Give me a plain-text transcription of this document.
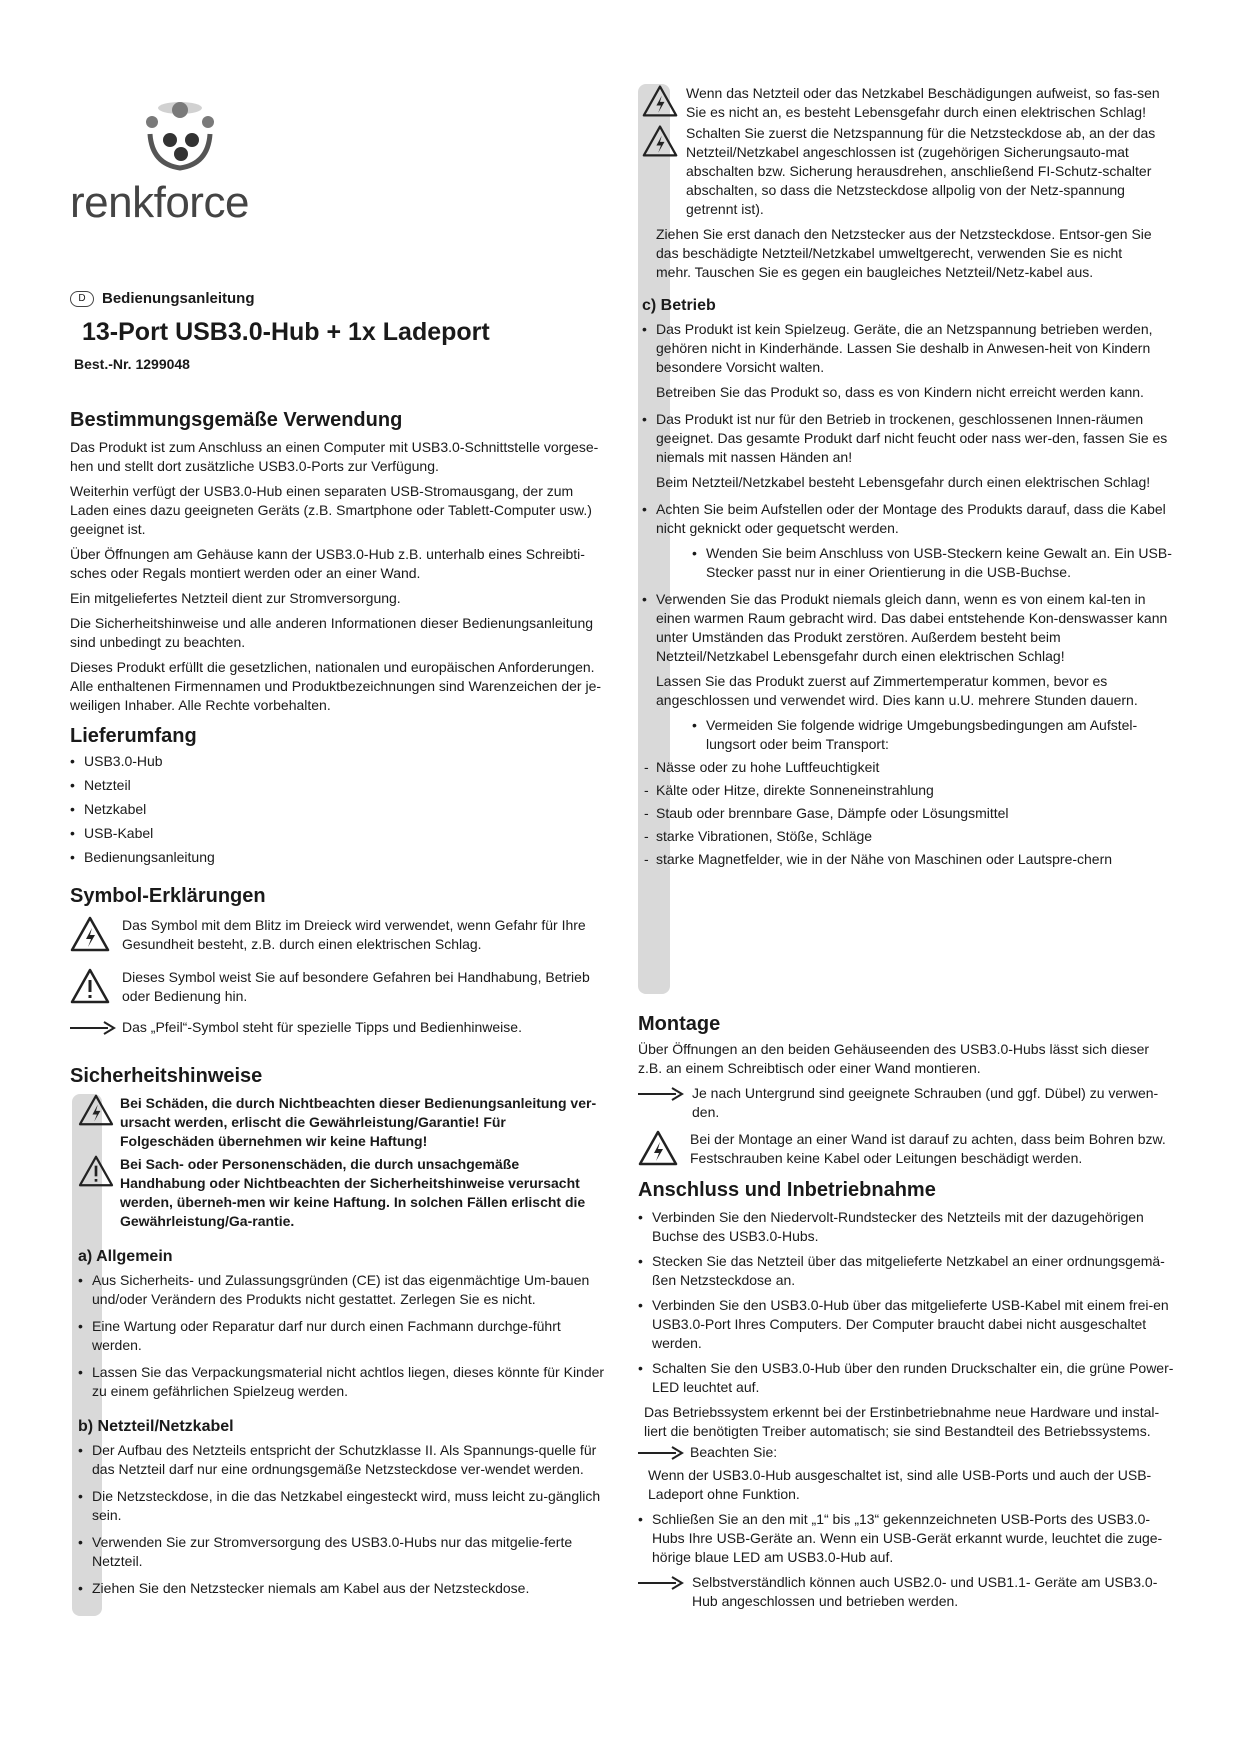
renkforce
D	Bedienungsanleitung
13-Port USB3.0-Hub + 1x Ladeport
Best.-Nr. 1299048
Bestimmungsgemäße Verwendung

Das Produkt ist zum Anschluss an einen Computer mit USB3.0-Schnittstelle vorgese-hen und stellt dort zusätzliche USB3.0-Ports zur Verfügung.

Weiterhin verfügt der USB3.0-Hub einen separaten USB-Stromausgang, der zum Laden eines dazu geeigneten Geräts (z.B. Smartphone oder Tablett-Computer usw.) geeignet ist.

Über Öffnungen am Gehäuse kann der USB3.0-Hub z.B. unterhalb eines Schreibti-sches oder Regals montiert werden oder an einer Wand.

Ein mitgeliefertes Netzteil dient zur Stromversorgung.

Die Sicherheitshinweise und alle anderen Informationen dieser Bedienungsanleitung sind unbedingt zu beachten.

Dieses Produkt erfüllt die gesetzlichen, nationalen und europäischen Anforderungen. Alle enthaltenen Firmennamen und Produktbezeichnungen sind Warenzeichen der je-weiligen Inhaber. Alle Rechte vorbehalten.

Lieferumfang
• USB3.0-Hub
• Netzteil
• Netzkabel
• USB-Kabel
• Bedienungsanleitung
Symbol-Erklärungen

Das Symbol mit dem Blitz im Dreieck wird verwendet, wenn Gefahr für Ihre Gesundheit besteht, z.B. durch einen elektrischen Schlag.

Dieses Symbol weist Sie auf besondere Gefahren bei Handhabung, Betrieb oder Bedienung hin.

Das „Pfeil“-Symbol steht für spezielle Tipps und Bedienhinweise.

Sicherheitshinweise

Bei Schäden, die durch Nichtbeachten dieser Bedienungsanleitung ver-ursacht werden, erlischt die Gewährleistung/Garantie! Für Folgeschäden übernehmen wir keine Haftung!

Bei Sach- oder Personenschäden, die durch unsachgemäße Handhabung oder Nichtbeachten der Sicherheitshinweise verursacht werden, überneh-men wir keine Haftung. In solchen Fällen erlischt die Gewährleistung/Ga-rantie.

a) Allgemein
• Aus Sicherheits- und Zulassungsgründen (CE) ist das eigenmächtige Um-bauen und/oder Verändern des Produkts nicht gestattet. Zerlegen Sie es nicht.
• Eine Wartung oder Reparatur darf nur durch einen Fachmann durchge-führt werden.
• Lassen Sie das Verpackungsmaterial nicht achtlos liegen, dieses könnte für Kinder zu einem gefährlichen Spielzeug werden.
b) Netzteil/Netzkabel
• Der Aufbau des Netzteils entspricht der Schutzklasse II. Als Spannungs-quelle für das Netzteil darf nur eine ordnungsgemäße Netzsteckdose ver-wendet werden.
• Die Netzsteckdose, in die das Netzkabel eingesteckt wird, muss leicht zu-gänglich sein.
• Verwenden Sie zur Stromversorgung des USB3.0-Hubs nur das mitgelie-ferte Netzteil.
• Ziehen Sie den Netzstecker niemals am Kabel aus der Netzsteckdose.

Wenn das Netzteil oder das Netzkabel Beschädigungen aufweist, so fas-sen Sie es nicht an, es besteht Lebensgefahr durch einen elektrischen Schlag!

Schalten Sie zuerst die Netzspannung für die Netzsteckdose ab, an der das Netzteil/Netzkabel angeschlossen ist (zugehörigen Sicherungsauto-mat abschalten bzw. Sicherung herausdrehen, anschließend FI-Schutz-schalter abschalten, so dass die Netzsteckdose allpolig von der Netz-spannung getrennt ist).

Ziehen Sie erst danach den Netzstecker aus der Netzsteckdose. Entsor-gen Sie das beschädigte Netzteil/Netzkabel umweltgerecht, verwenden Sie es nicht mehr. Tauschen Sie es gegen ein baugleiches Netzteil/Netz-kabel aus.

c) Betrieb
• Das Produkt ist kein Spielzeug. Geräte, die an Netzspannung betrieben werden, gehören nicht in Kinderhände. Lassen Sie deshalb in Anwesen-heit von Kindern besondere Vorsicht walten.

Betreiben Sie das Produkt so, dass es von Kindern nicht erreicht werden kann.

• Das Produkt ist nur für den Betrieb in trockenen, geschlossenen Innen-räumen geeignet. Das gesamte Produkt darf nicht feucht oder nass wer-den, fassen Sie es niemals mit nassen Händen an!

Beim Netzteil/Netzkabel besteht Lebensgefahr durch einen elektrischen Schlag!

• Achten Sie beim Aufstellen oder der Montage des Produkts darauf, dass die Kabel nicht geknickt oder gequetscht werden.
• Wenden Sie beim Anschluss von USB-Steckern keine Gewalt an. Ein USB-Stecker passt nur in einer Orientierung in die USB-Buchse.
• Verwenden Sie das Produkt niemals gleich dann, wenn es von einem kal-ten in einen warmen Raum gebracht wird. Das dabei entstehende Kon-denswasser kann unter Umständen das Produkt zerstören. Außerdem besteht beim Netzteil/Netzkabel Lebensgefahr durch einen elektrischen Schlag!

Lassen Sie das Produkt zuerst auf Zimmertemperatur kommen, bevor es angeschlossen und verwendet wird. Dies kann u.U. mehrere Stunden dauern.

• Vermeiden Sie folgende widrige Umgebungsbedingungen am Aufstel-lungsort oder beim Transport:
- Nässe oder zu hohe Luftfeuchtigkeit
- Kälte oder Hitze, direkte Sonneneinstrahlung
- Staub oder brennbare Gase, Dämpfe oder Lösungsmittel
- starke Vibrationen, Stöße, Schläge
- starke Magnetfelder, wie in der Nähe von Maschinen oder Lautspre-chern
Montage

Über Öffnungen an den beiden Gehäuseenden des USB3.0-Hubs lässt sich dieser z.B. an einem Schreibtisch oder einer Wand montieren.

Je nach Untergrund sind geeignete Schrauben (und ggf. Dübel) zu verwen-den.

Bei der Montage an einer Wand ist darauf zu achten, dass beim Bohren bzw. Festschrauben keine Kabel oder Leitungen beschädigt werden.

Anschluss und Inbetriebnahme
• Verbinden Sie den Niedervolt-Rundstecker des Netzteils mit der dazugehörigen Buchse des USB3.0-Hubs.
• Stecken Sie das Netzteil über das mitgelieferte Netzkabel an einer ordnungsgemä-ßen Netzsteckdose an.
• Verbinden Sie den USB3.0-Hub über das mitgelieferte USB-Kabel mit einem frei-en USB3.0-Port Ihres Computers. Der Computer braucht dabei nicht ausgeschaltet werden.
• Schalten Sie den USB3.0-Hub über den runden Druckschalter ein, die grüne Power-LED leuchtet auf.

Das Betriebssystem erkennt bei der Erstinbetriebnahme neue Hardware und instal-liert die benötigten Treiber automatisch; sie sind Bestandteil des Betriebssystems.

Beachten Sie:

Wenn der USB3.0-Hub ausgeschaltet ist, sind alle USB-Ports und auch der USB-Ladeport ohne Funktion.

• Schließen Sie an den mit „1“ bis „13“ gekennzeichneten USB-Ports des USB3.0-Hubs Ihre USB-Geräte an. Wenn ein USB-Gerät erkannt wurde, leuchtet die zuge-hörige blaue LED am USB3.0-Hub auf.

Selbstverständlich können auch USB2.0- und USB1.1- Geräte am USB3.0-Hub angeschlossen und betrieben werden.
